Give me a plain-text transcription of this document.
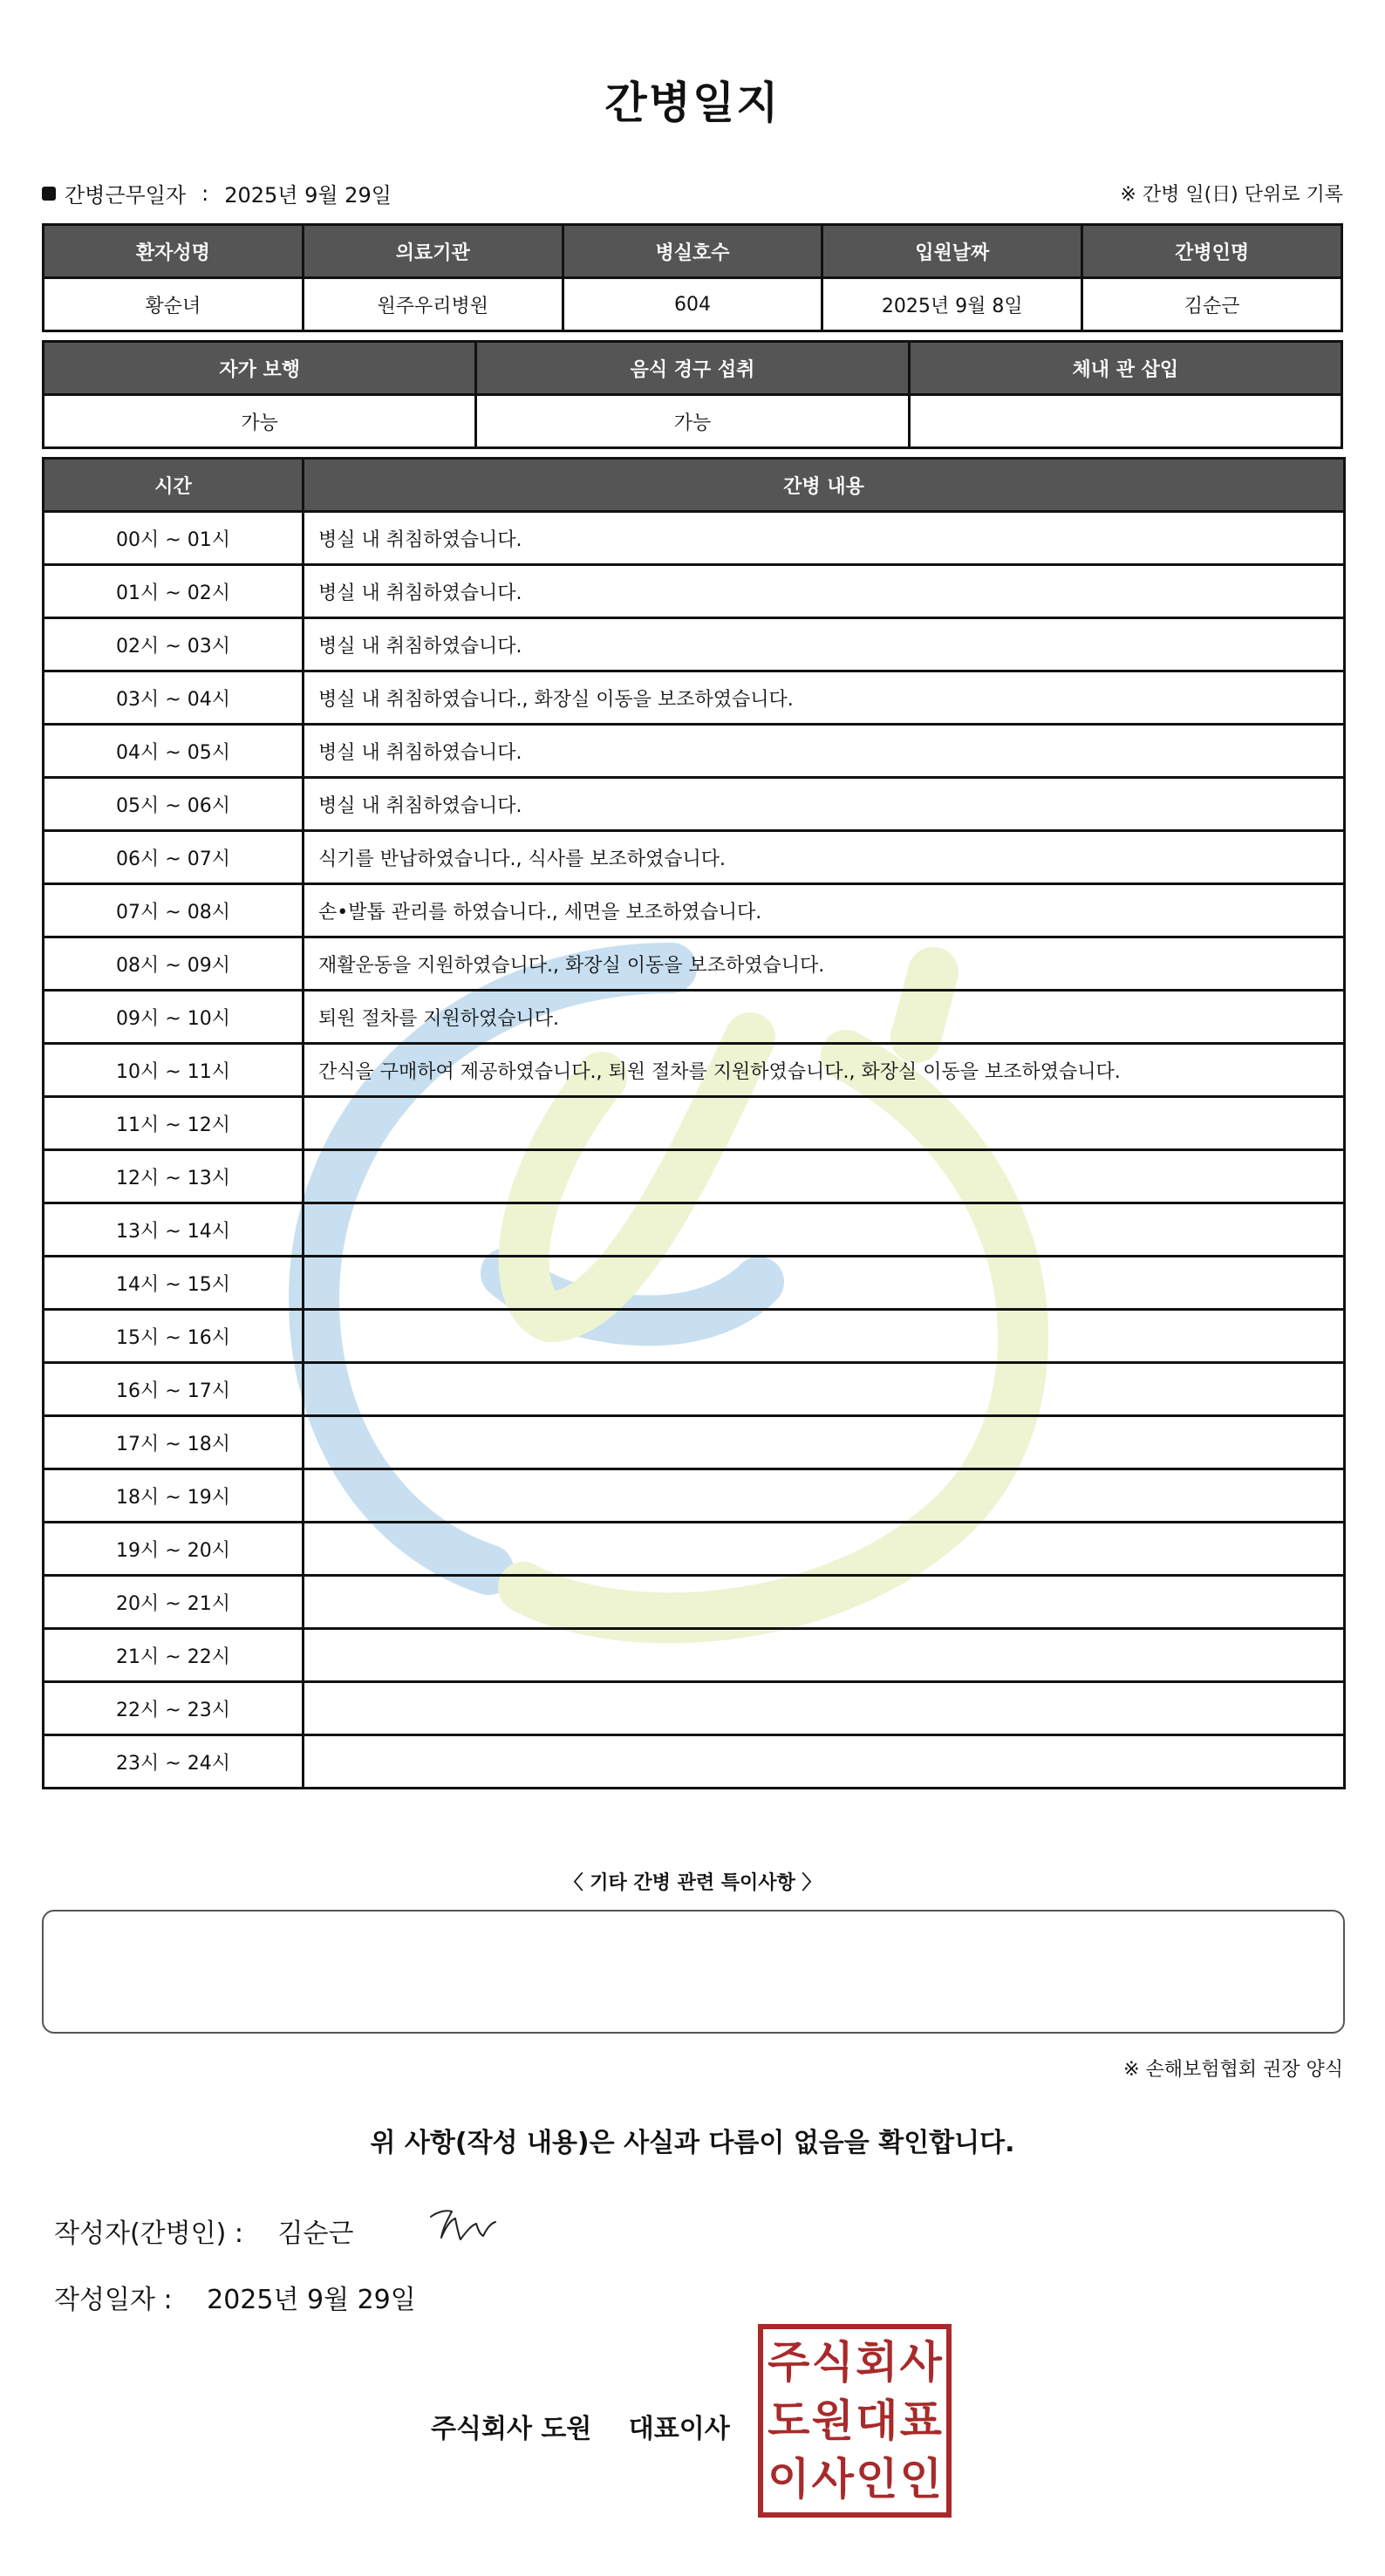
간병일지
간병근무일자 : 2025년 9월 29일	※ 간병 일(日) 단위로 기록
환자성명	의료기관	병실호수	입원날짜	간병인명
황순녀	원주우리병원	604	2025년 9월 8일	김순근
자가 보행	음식 경구 섭취	체내 관 삽입
가능	가능	
시간	간병 내용
00시 ~ 01시	병실 내 취침하였습니다.
01시 ~ 02시	병실 내 취침하였습니다.
02시 ~ 03시	병실 내 취침하였습니다.
03시 ~ 04시	병실 내 취침하였습니다., 화장실 이동을 보조하였습니다.
04시 ~ 05시	병실 내 취침하였습니다.
05시 ~ 06시	병실 내 취침하였습니다.
06시 ~ 07시	식기를 반납하였습니다., 식사를 보조하였습니다.
07시 ~ 08시	손•발톱 관리를 하였습니다., 세면을 보조하였습니다.
08시 ~ 09시	재활운동을 지원하였습니다., 화장실 이동을 보조하였습니다.
09시 ~ 10시	퇴원 절차를 지원하였습니다.
10시 ~ 11시	간식을 구매하여 제공하였습니다., 퇴원 절차를 지원하였습니다., 화장실 이동을 보조하였습니다.
11시 ~ 12시	
12시 ~ 13시	
13시 ~ 14시	
14시 ~ 15시	
15시 ~ 16시	
16시 ~ 17시	
17시 ~ 18시	
18시 ~ 19시	
19시 ~ 20시	
20시 ~ 21시	
21시 ~ 22시	
22시 ~ 23시	
23시 ~ 24시	
〈 기타 간병 관련 특이사항 〉
※ 손해보험협회 권장 양식
위 사항(작성 내용)은 사실과 다름이 없음을 확인합니다.
작성자(간병인) : 김순근
작성일자 : 2025년 9월 29일
주식회사 도원 대표이사
주 식 회 사
도 원 대 표
이 사 인 인
